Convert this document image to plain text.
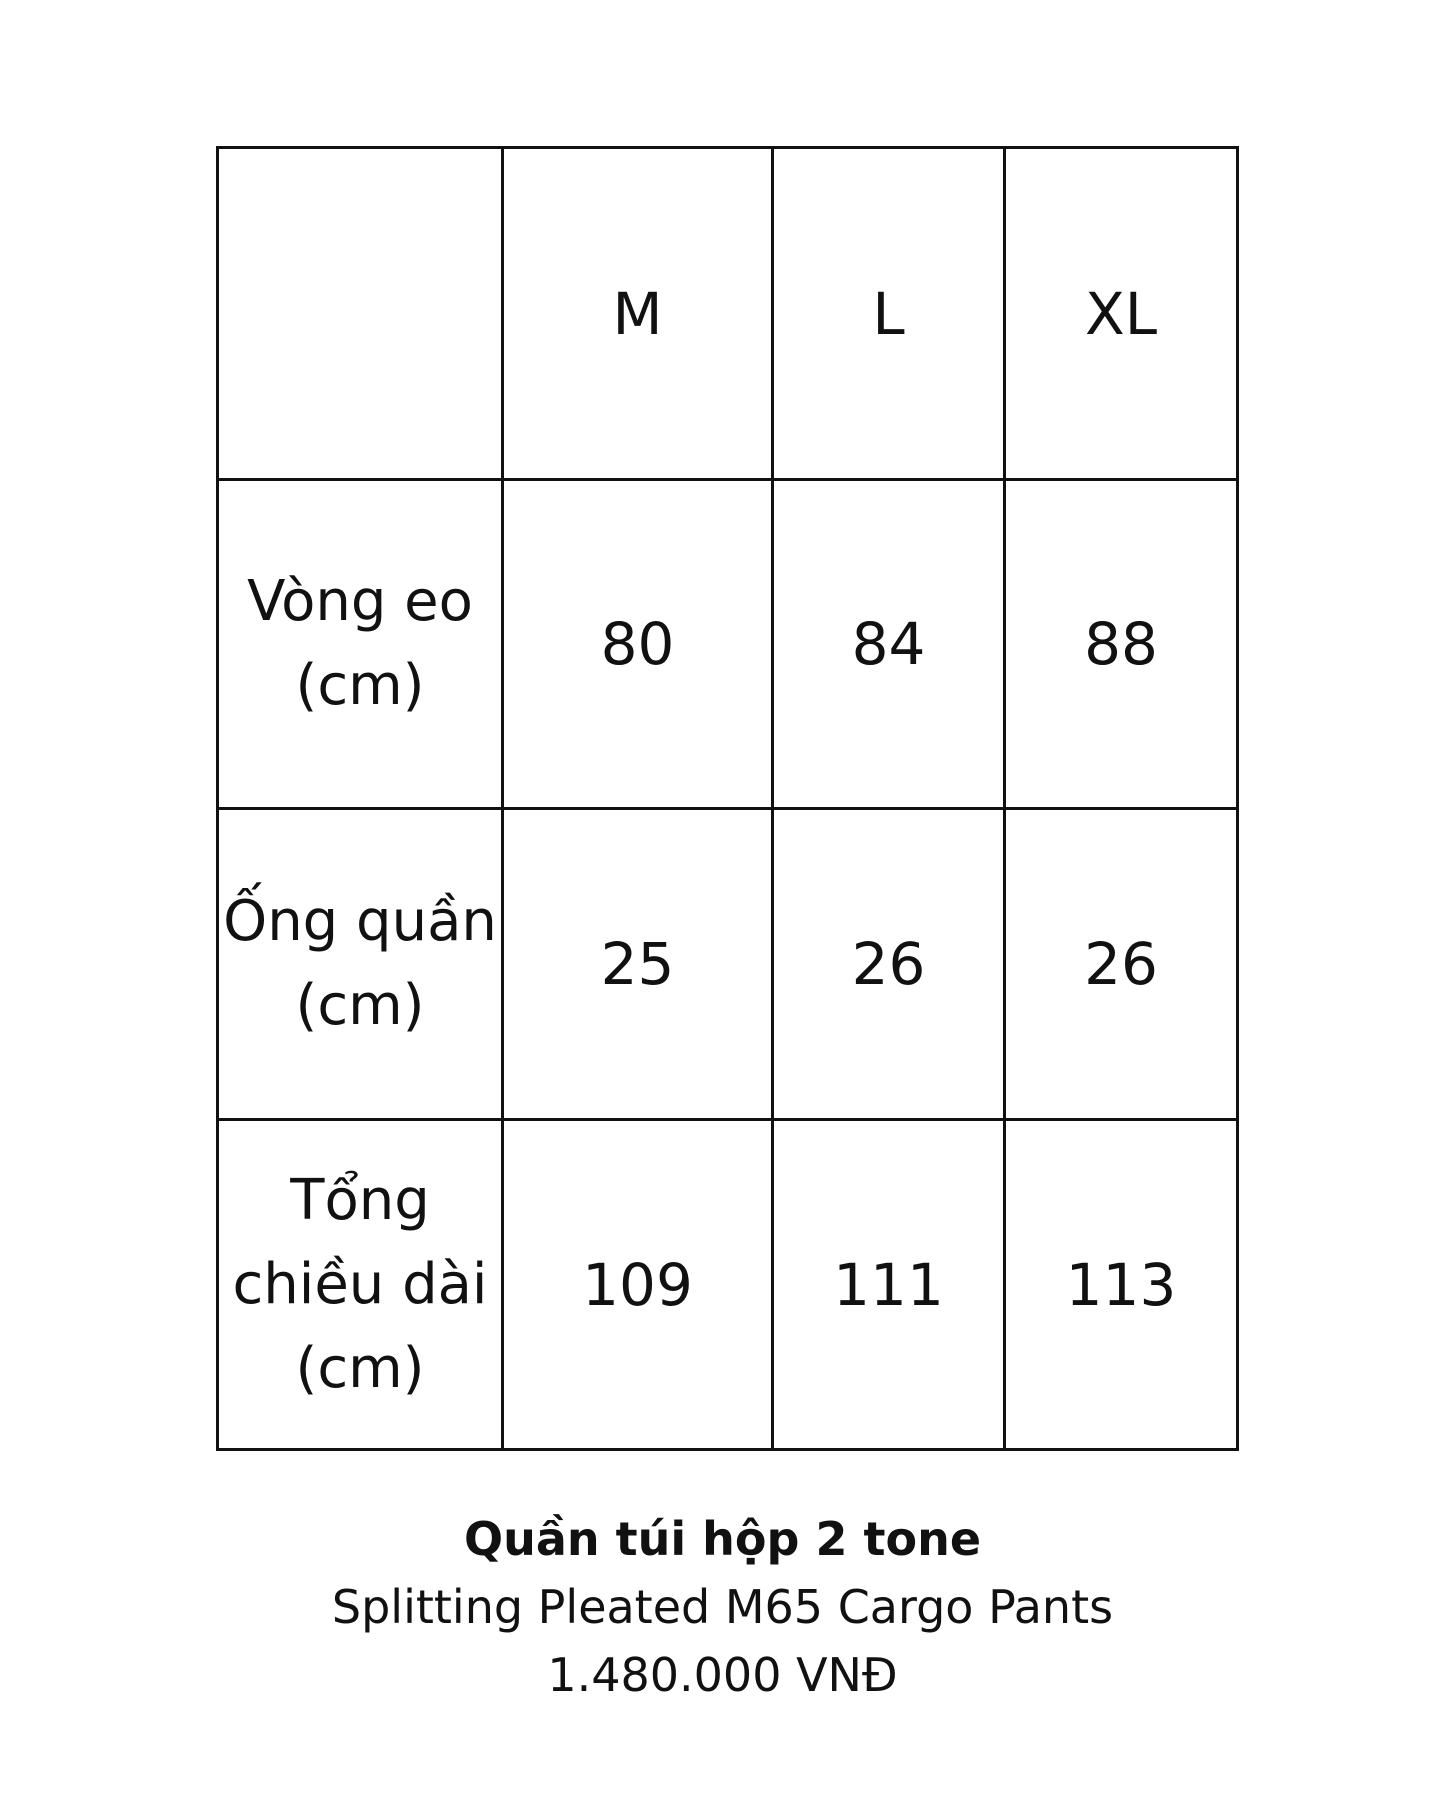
	M	L	XL
Vòng eo (cm)	80	84	88
Ống quần (cm)	25	26	26
Tổng chiều dài (cm)	109	111	113
Quần túi hộp 2 tone
Splitting Pleated M65 Cargo Pants
1.480.000 VNĐ
